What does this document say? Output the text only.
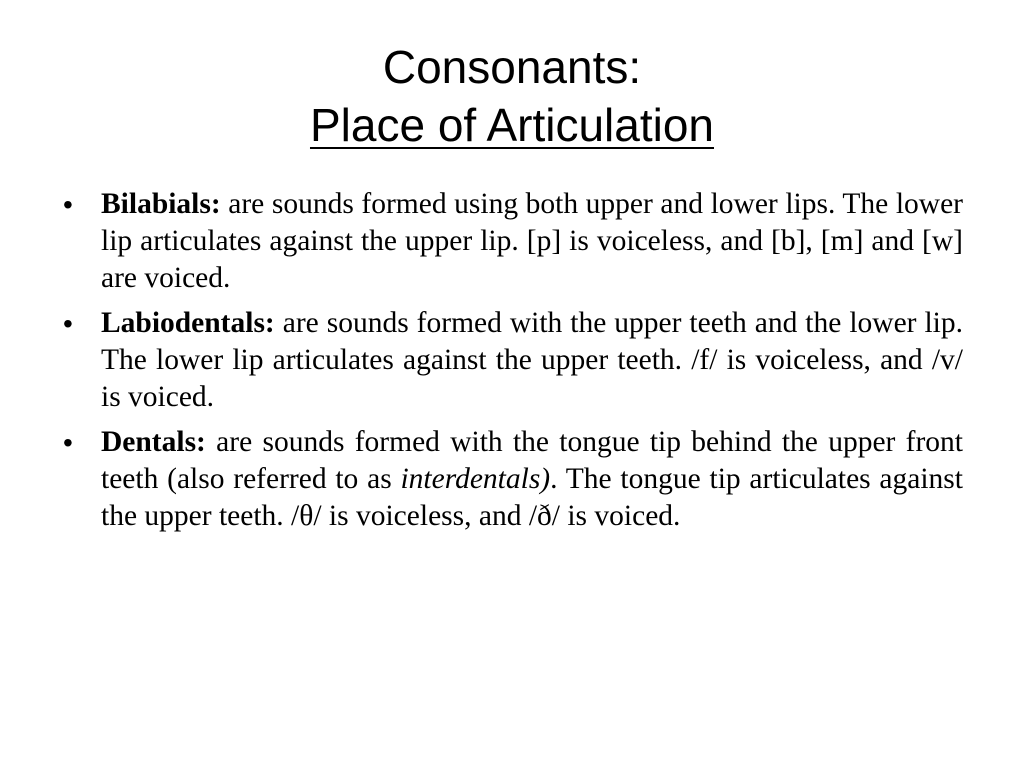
Consonants:
Place of Articulation
• Bilabials: are sounds formed using both upper and lower lips. The lower lip articulates against the upper lip. [p] is voiceless, and [b], [m] and [w] are voiced.
• Labiodentals: are sounds formed with the upper teeth and the lower lip. The lower lip articulates against the upper teeth. /f/ is voiceless, and /v/ is voiced.
• Dentals: are sounds formed with the tongue tip behind the upper front teeth (also referred to as interdentals). The tongue tip articulates against the upper teeth. /θ/ is voiceless, and /ð/ is voiced.
